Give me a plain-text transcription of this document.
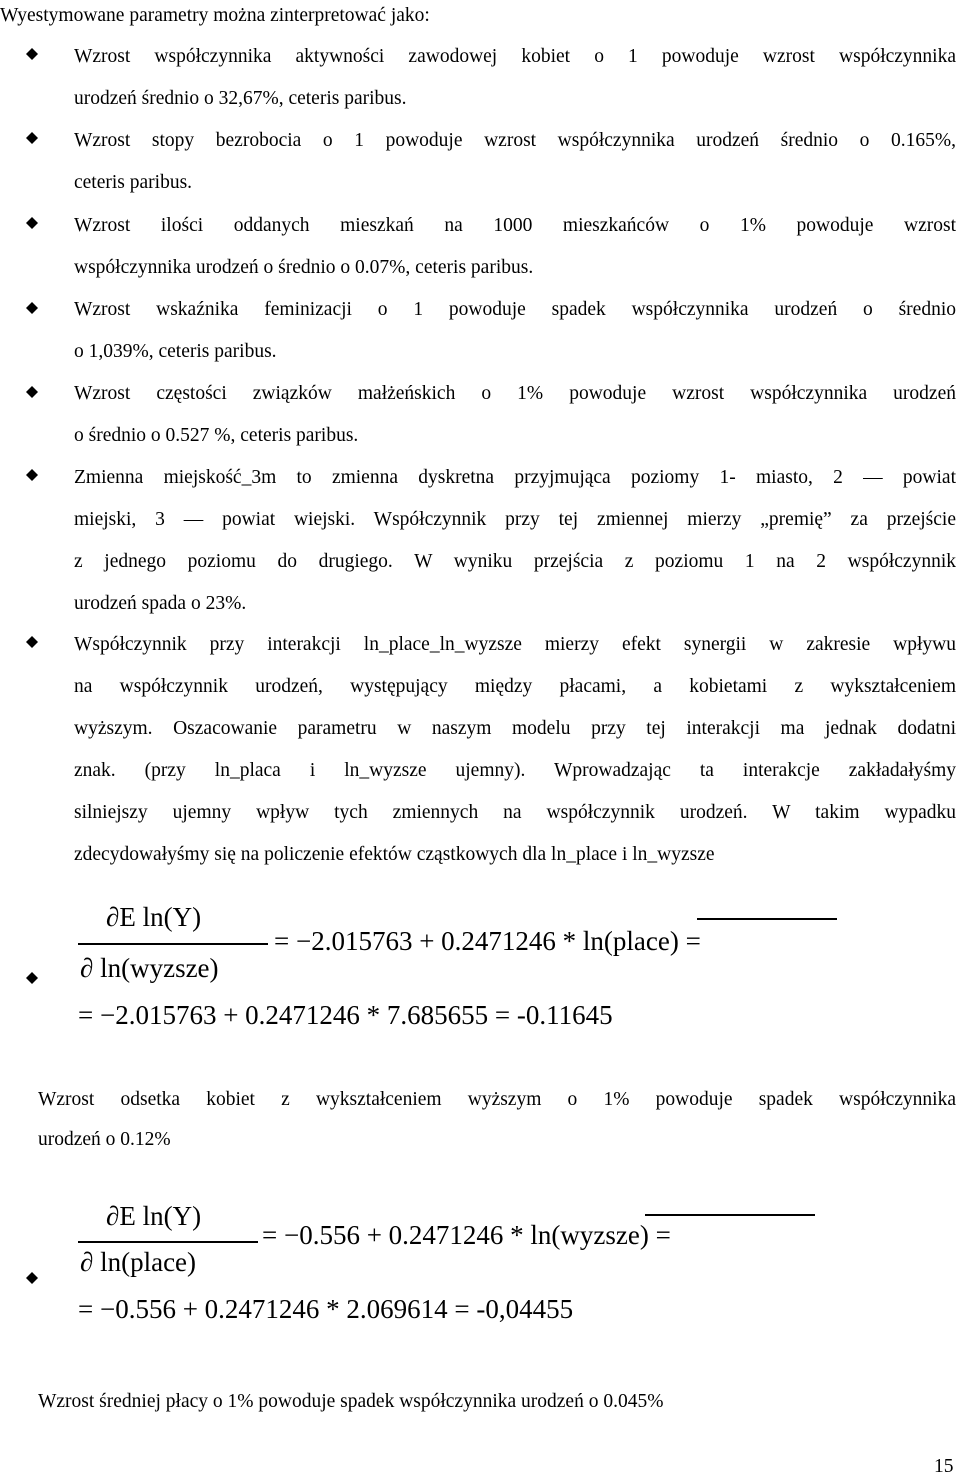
Wyestymowane parametry można zinterpretować jako:
Wzrost współczynnika aktywności zawodowej kobiet o 1 powoduje wzrost współczynnika
urodzeń średnio o 32,67%, ceteris paribus.
Wzrost stopy bezrobocia o 1 powoduje wzrost współczynnika urodzeń średnio o 0.165%,
ceteris paribus.
Wzrost ilości oddanych mieszkań na 1000 mieszkańców o 1% powoduje wzrost
współczynnika urodzeń o średnio o 0.07%, ceteris paribus.
Wzrost wskaźnika feminizacji o 1 powoduje spadek współczynnika urodzeń o średnio
o 1,039%, ceteris paribus.
Wzrost częstości związków małżeńskich o 1% powoduje wzrost współczynnika urodzeń
o średnio o 0.527 %, ceteris paribus.
Zmienna miejskość_3m to zmienna dyskretna przyjmująca poziomy 1- miasto, 2 — powiat
miejski, 3 — powiat wiejski. Współczynnik przy tej zmiennej mierzy „premię” za przejście
z jednego poziomu do drugiego. W wyniku przejścia z poziomu 1 na 2 współczynnik
urodzeń spada o 23%.
Współczynnik przy interakcji ln_place_ln_wyzsze mierzy efekt synergii w zakresie wpływu
na współczynnik urodzeń, występujący między płacami, a kobietami z wykształceniem
wyższym. Oszacowanie parametru w naszym modelu przy tej interakcji ma jednak dodatni
znak. (przy ln_placa i ln_wyzsze ujemny). Wprowadzając ta interakcje zakładałyśmy
silniejszy ujemny wpływ tych zmiennych na współczynnik urodzeń. W takim wypadku
zdecydowałyśmy się na policzenie efektów cząstkowych dla ln_place i ln_wyzsze
∂E ln(Y)
∂ ln(wyzsze)
= −2.015763 + 0.2471246 * ln(place) =
= −2.015763 + 0.2471246 * 7.685655 = -0.11645
Wzrost odsetka kobiet z wykształceniem wyższym o 1% powoduje spadek współczynnika
urodzeń o 0.12%
∂E ln(Y)
∂ ln(place)
= −0.556 + 0.2471246 * ln(wyzsze) =
= −0.556 + 0.2471246 * 2.069614 = -0,04455
Wzrost średniej płacy o 1% powoduje spadek współczynnika urodzeń o 0.045%
15
